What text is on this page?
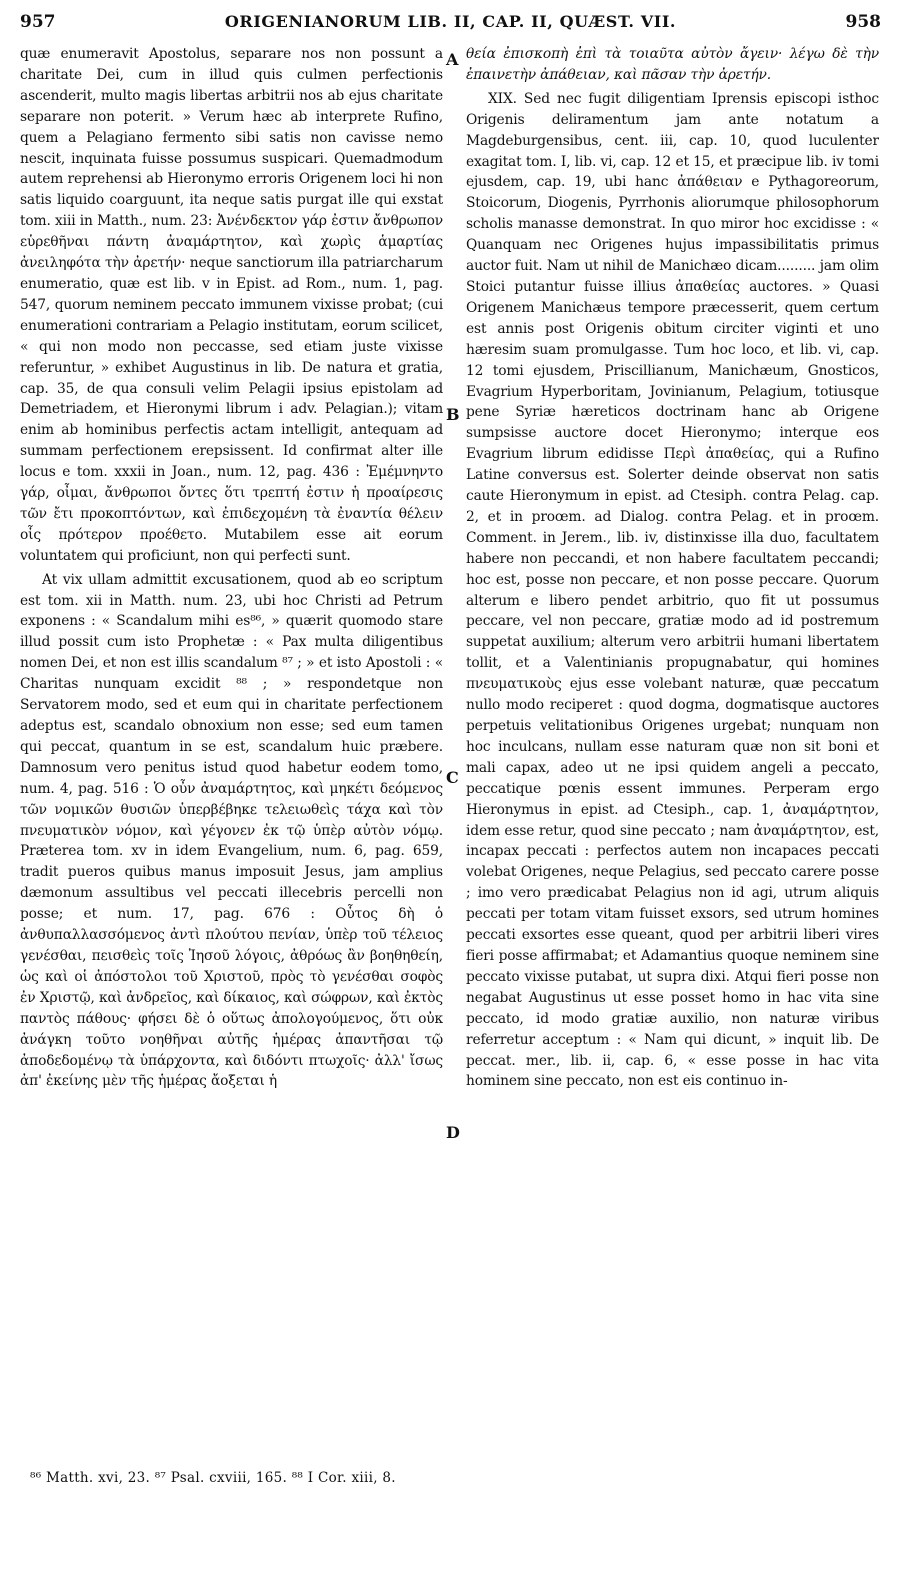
957	ORIGENIANORUM LIB. II, CAP. II, QUÆST. VII.	958

quæ enumeravit Apostolus, separare nos non possunt a charitate Dei, cum in illud quis culmen perfectionis ascenderit, multo magis libertas arbitrii nos ab ejus charitate separare non poterit. » Verum hæc ab interprete Rufino, quem a Pelagiano fermento sibi satis non cavisse nemo nescit, inquinata fuisse possumus suspicari. Quemadmodum autem reprehensi ab Hieronymo erroris Origenem loci hi non satis liquido coarguunt, ita neque satis purgat ille qui exstat tom. xiii in Matth., num. 23: Ἀνένδεκτον γάρ ἐστιν ἄνθρωπον εὑρεθῆναι πάντη ἀναμάρτητον, καὶ χωρὶς ἁμαρτίας ἀνειληφότα τὴν ἀρετήν· neque sanctiorum illa patriarcharum enumeratio, quæ est lib. v in Epist. ad Rom., num. 1, pag. 547, quorum neminem peccato immunem vixisse probat; (cui enumerationi contrariam a Pelagio institutam, eorum scilicet, « qui non modo non peccasse, sed etiam juste vixisse referuntur, » exhibet Augustinus in lib. De natura et gratia, cap. 35, de qua consuli velim Pelagii ipsius epistolam ad Demetriadem, et Hieronymi librum i adv. Pelagian.); vitam enim ab hominibus perfectis actam intelligit, antequam ad summam perfectionem erepsissent. Id confirmat alter ille locus e tom. xxxii in Joan., num. 12, pag. 436 : Ἐμέμνηντο γάρ, οἶμαι, ἄνθρωποι ὄντες ὅτι τρεπτή ἐστιν ἡ προαίρεσις τῶν ἔτι προκοπτόντων, καὶ ἐπιδεχομένη τὰ ἐναντία θέλειν οἷς πρότερον προέθετο. Mutabilem esse ait eorum voluntatem qui proficiunt, non qui perfecti sunt.

At vix ullam admittit excusationem, quod ab eo scriptum est tom. xii in Matth. num. 23, ubi hoc Christi ad Petrum exponens : « Scandalum mihi es⁸⁶, » quærit quomodo stare illud possit cum isto Prophetæ : « Pax multa diligentibus nomen Dei, et non est illis scandalum ⁸⁷ ; » et isto Apostoli : « Charitas nunquam excidit ⁸⁸ ; » respondetque non Servatorem modo, sed et eum qui in charitate perfectionem adeptus est, scandalo obnoxium non esse; sed eum tamen qui peccat, quantum in se est, scandalum huic præbere. Damnosum vero penitus istud quod habetur eodem tomo, num. 4, pag. 516 : Ὁ οὖν ἀναμάρτητος, καὶ μηκέτι δεόμενος τῶν νομικῶν θυσιῶν ὑπερβέβηκε τελειωθεὶς τάχα καὶ τὸν πνευματικὸν νόμον, καὶ γέγονεν ἐκ τῷ ὑπὲρ αὐτὸν νόμῳ. Præterea tom. xv in idem Evangelium, num. 6, pag. 659, tradit pueros quibus manus imposuit Jesus, jam amplius dæmonum assultibus vel peccati illecebris percelli non posse; et num. 17, pag. 676 : Οὗτος δὴ ὁ ἀνθυπαλλασσόμενος ἀντὶ πλούτου πενίαν, ὑπὲρ τοῦ τέλειος γενέσθαι, πεισθεὶς τοῖς Ἰησοῦ λόγοις, ἀθρόως ἂν βοηθηθείη, ὡς καὶ οἱ ἀπόστολοι τοῦ Χριστοῦ, πρὸς τὸ γενέσθαι σοφὸς ἐν Χριστῷ, καὶ ἀνδρεῖος, καὶ δίκαιος, καὶ σώφρων, καὶ ἐκτὸς παντὸς πάθους· φήσει δὲ ὁ οὕτως ἀπολογούμενος, ὅτι οὐκ ἀνάγκη τοῦτο νοηθῆναι αὐτῆς ἡμέρας ἀπαντῆσαι τῷ ἀποδεδομένῳ τὰ ὑπάρχοντα, καὶ διδόντι πτωχοῖς· ἀλλ' ἴσως ἀπ' ἐκείνης μὲν τῆς ἡμέρας ἄοξεται ἡ

A
B
C
D

θεία ἐπισκοπὴ ἐπὶ τὰ τοιαῦτα αὐτὸν ἄγειν· λέγω δὲ τὴν ἐπαινετὴν ἀπάθειαν, καὶ πᾶσαν τὴν ἀρετήν.

XIX. Sed nec fugit diligentiam Iprensis episcopi isthoc Origenis deliramentum jam ante notatum a Magdeburgensibus, cent. iii, cap. 10, quod luculenter exagitat tom. I, lib. vi, cap. 12 et 15, et præcipue lib. iv tomi ejusdem, cap. 19, ubi hanc ἀπάθειαν e Pythagoreorum, Stoicorum, Diogenis, Pyrrhonis aliorumque philosophorum scholis manasse demonstrat. In quo miror hoc excidisse : « Quanquam nec Origenes hujus impassibilitatis primus auctor fuit. Nam ut nihil de Manichæo dicam......... jam olim Stoici putantur fuisse illius ἀπαθείας auctores. » Quasi Origenem Manichæus tempore præcesserit, quem certum est annis post Origenis obitum circiter viginti et uno hæresim suam promulgasse. Tum hoc loco, et lib. vi, cap. 12 tomi ejusdem, Priscillianum, Manichæum, Gnosticos, Evagrium Hyperboritam, Jovinianum, Pelagium, totiusque pene Syriæ hæreticos doctrinam hanc ab Origene sumpsisse auctore docet Hieronymo; interque eos Evagrium librum edidisse Περὶ ἀπαθείας, qui a Rufino Latine conversus est. Solerter deinde observat non satis caute Hieronymum in epist. ad Ctesiph. contra Pelag. cap. 2, et in proœm. ad Dialog. contra Pelag. et in proœm. Comment. in Jerem., lib. iv, distinxisse illa duo, facultatem habere non peccandi, et non habere facultatem peccandi; hoc est, posse non peccare, et non posse peccare. Quorum alterum e libero pendet arbitrio, quo fit ut possumus peccare, vel non peccare, gratiæ modo ad id postremum suppetat auxilium; alterum vero arbitrii humani libertatem tollit, et a Valentinianis propugnabatur, qui homines πνευματικοὺς ejus esse volebant naturæ, quæ peccatum nullo modo reciperet : quod dogma, dogmatisque auctores perpetuis velitationibus Origenes urgebat; nunquam non hoc inculcans, nullam esse naturam quæ non sit boni et mali capax, adeo ut ne ipsi quidem angeli a peccato, peccatique pœnis essent immunes. Perperam ergo Hieronymus in epist. ad Ctesiph., cap. 1, ἀναμάρτητον, idem esse retur, quod sine peccato ; nam ἀναμάρτητον, est, incapax peccati : perfectos autem non incapaces peccati volebat Origenes, neque Pelagius, sed peccato carere posse ; imo vero prædicabat Pelagius non id agi, utrum aliquis peccati per totam vitam fuisset exsors, sed utrum homines peccati exsortes esse queant, quod per arbitrii liberi vires fieri posse affirmabat; et Adamantius quoque neminem sine peccato vixisse putabat, ut supra dixi. Atqui fieri posse non negabat Augustinus ut esse posset homo in hac vita sine peccato, id modo gratiæ auxilio, non naturæ viribus referretur acceptum : « Nam qui dicunt, » inquit lib. De peccat. mer., lib. ii, cap. 6, « esse posse in hac vita hominem sine peccato, non est eis continuo in-

⁸⁶ Matth. xvi, 23. ⁸⁷ Psal. cxviii, 165. ⁸⁸ I Cor. xiii, 8.
